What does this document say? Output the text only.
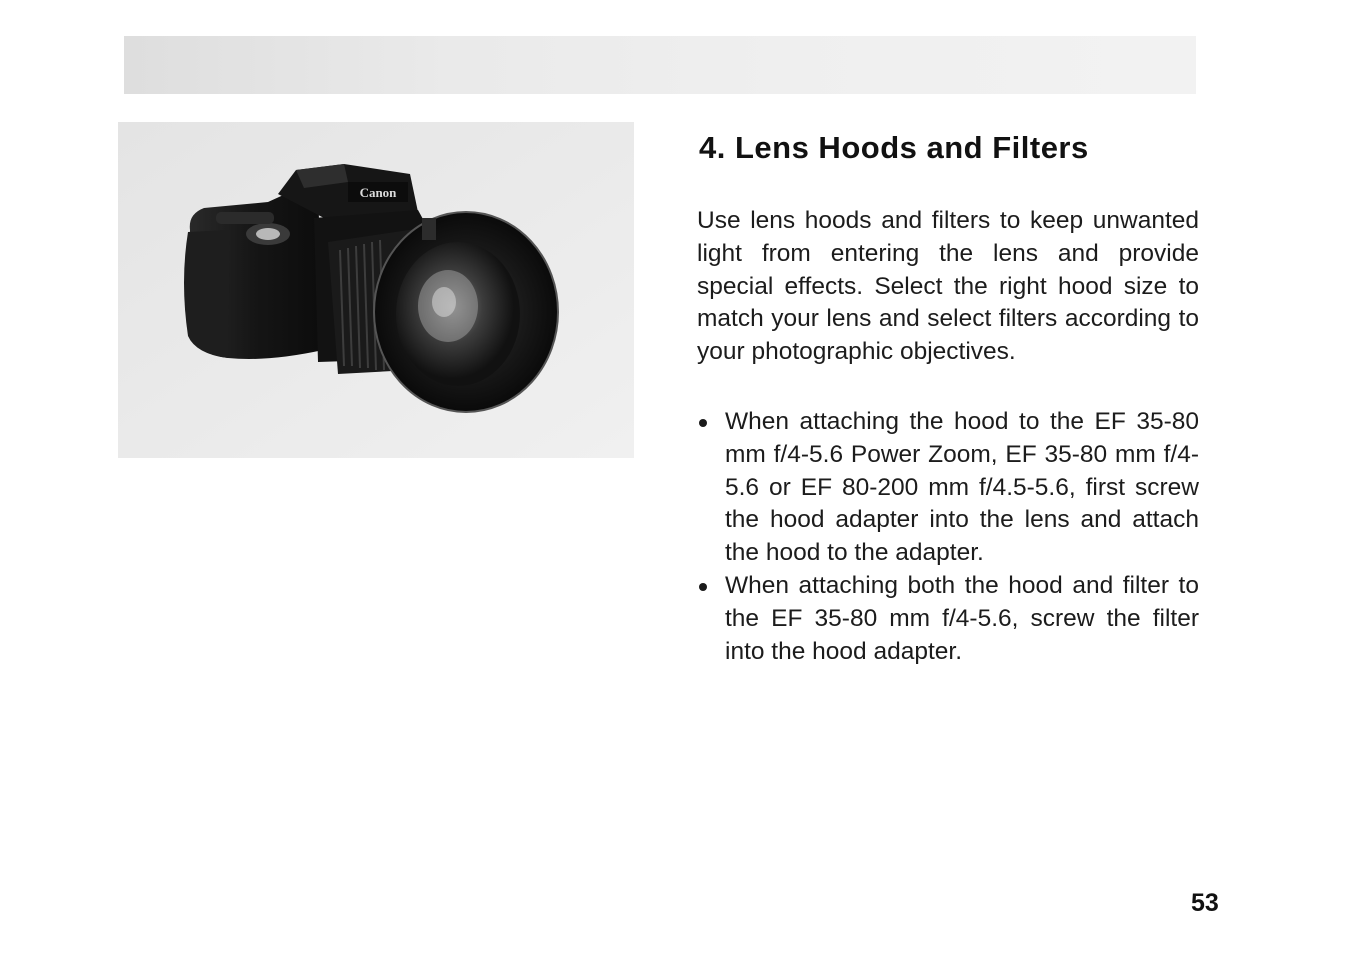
Canon
4. Lens Hoods and Filters
Use lens hoods and filters to keep unwanted light from entering the lens and provide special effects. Select the right hood size to match your lens and select filters according to your photographic objectives.
When attaching the hood to the EF 35-80 mm f/4-5.6 Power Zoom, EF 35-80 mm f/4-5.6 or EF 80-200 mm f/4.5-5.6, first screw the hood adapter into the lens and attach the hood to the adapter.
When attaching both the hood and filter to the EF 35-80 mm f/4-5.6, screw the filter into the hood adapter.
53
